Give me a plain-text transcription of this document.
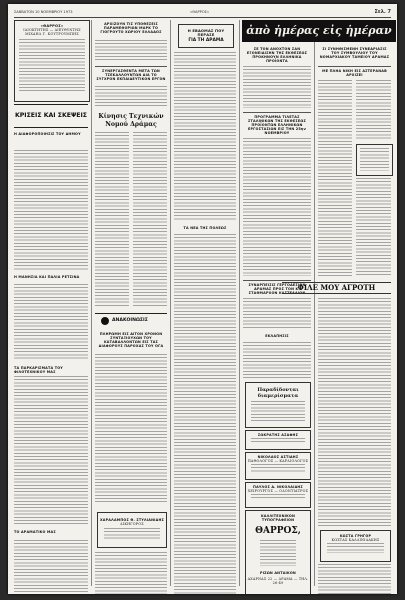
ΣΑΒΒΑΤΟΝ 10 ΝΟΕΜΒΡΙΟΥ 1973	«ΘΑΡΡΟΣ»	Σελ. 7
«ΘΑΡΡΟΣ»
ΙΔΙΟΚΤΗΤΗΣ — ΔΙΕΥΘΥΝΤΗΣ
ΜΙΧΑΗΛ Γ. ΚΟΥΤΡΟΥΜΠΗΣ
ΚΡΙΣΕΙΣ ΚΑΙ ΣΚΕΨΕΙΣ
Η ΔΙΑΦΟΡΟΠΟΙΗΣΙΣ ΤΟΥ ΔΗΜΟΥ
Η ΜΑΝΗΣΙΑ ΚΑΙ ΠΑΛΙΑ ΡΕΤΣΙΝΑ
ΤΑ ΠΑΡΚΑΡΙΣΜΑΤΑ ΤΟΥ ΦΙΛΟΤΕΧΝΙΚΟΥ ΜΑΣ
ΤΟ ΔΡΑΜΑΤΙΚΟ ΜΑΣ
ΑΡΧΙΖΟΥΝ ΤΙΣ ΥΠΟΘΕΣΕΙΣ ΠΑΡΑΜΕΘΟΡΙΩΝ ΜΑΡΚ ΤΟ ΓΙΟΓΡΟΥΤΟ ΧΩΡΙΟΥ ΕΛΛΑΔΟΣ
ΣΥΝΕΡΓΑΣΘΕΝΤΑ ΜΕΤΑ ΤΩΝ ΤΣΕΚΑΛΛΟΥΝΤΩΝ ΔΙΑ ΤΟ ΣΥΓΧΡΟΝ ΕΚΠΑΙΔΕΥΤΙΚΟΝ ΕΡΓΟΝ
Κίνησις Τεχνικών Νομού Δράμας
ΑΝΑΚΟΙΝΩΣΙΣ
ΠΛΗΡΩΜΗ ΕΙΣ ΔΙΤΟΝ ΧΡΟΝΟΝ ΣΥΝΤΑΞΙΟΥΧΩΝ ΤΟΥ ΚΑΤΑΒΑΛΛΟΝΤΩΝ ΕΙΣ ΤΑΣ ΔΙΑΦΟΡΟΥΣ ΠΑΡΟΧΑΣ ΤΟΥ ΟΓΑ
ΧΑΡΑΛΑΜΠΟΣ Θ. ΣΤΥΛΙΑΝΙΔΗΣ
ΔΙΚΗΓΟΡΟΣ
Η ΕΒΔΟΜΑΣ ΠΟΥ ΠΕΡΑΣΕ
ΓΙΑ ΤΗ ΔΡΑΜΑ
ΤΑ ΝΕΑ ΤΗΣ ΠΟΛΕΩΣ
ἀπὸ ἡμέρας εἰς ἡμέραν
ΣΕ ΤΟΝ ΑΝΟΧΤΟΝ ΣΑΝ ΕΞΟΝΕΙΔΙΣΗΝ ΤΗΣ ΕΚΘΕΣΕΩΣ ΠΡΟΚΗΝΟΥΝ ΕΛΛΗΝΙΚΑ ΠΡΟΪΟΝΤΑ
ΠΡΟΓΡΑΜΜΑ ΤΙΛΕΤΑΣ ΣΤΑΛΙΝΙΚΩΝ ΤΗΣ ΕΚΘΕΣΕΩΣ ΠΡΟΪΟΝΤΩΝ ΕΛΛΗΝΙΚΩΝ ΕΡΓΟΣΤΑΣΙΩΝ ΕΙΣ ΤΗΝ 25ην ΝΟΕΜΒΡΙΟΥ
ΣΥΝΑΡΠΕΙΣΙΣ ΓΕΡΓΟΔΕΣΙΩΝ ΔΡΑΜΑΣ ΠΡΟΣ ΤΟΝ Κ. ΣΤΑΘΜΑΡΧΟΝ ΚΑΣΤΕΛΛΙΟΝ
ΕΚΛΑΠΗΣΙΣ
Παραδίδονται διαμερίσματα
ΣΩΚΡΑΤΗΣ ΑΣΑΦΗΣ
ΝΙΚΟΛΑΟΣ ΑΣΤΙΔΗΣ
ΠΑΘΟΛΟΓΟΣ — ΚΑΡΔΙΟΛΟΓΟΣ
ΠΑΥΛΟΣ Δ. ΝΙΚΟΛΑΙΔΗΣ
ΧΕΙΡΟΥΡΓΟΣ — ΟΔΟΝΤΙΑΤΡΟΣ
ΚΑΛΛΙΤΕΧΝΙΚΟΝ ΤΥΠΟΓΡΑΦΕΙΟΝ
ΘΑΡΡΟΣ,
ΡΙΖΩΝ ΑΝΤΑΙΚΟΝ
ΑΧΑΡΝΑΣ 22 — ΔΡΑΜΑ — ΤΗΛ. 26-49
ΣΙ ΣΥΝΗΘΙΣΜΕΝΗ ΣΥΝΕΔΡΙΑΣΙΣ ΤΟΥ ΣΥΜΒΟΥΛΙΟΥ ΤΟΥ ΝΟΜΑΡΧΙΑΚΟΥ ΤΑΜΕΙΟΥ ΔΡΑΜΑΣ
ΜΕ ΠΛΗΑ ΝΙΚΗ ΕΙΣ ΑΣΤΕΡΑΝΑΒ ΑΡΧΙΖΕΙ
ΦΙΛΕ ΜΟΥ ΑΓΡΟΤΗ
ΚΩΣΤΑ ΓΡΗΓΟΡ
ΚΩΣΤΑΣ ΚΑΛΛΙΝΙΔΑΚΗΣ
